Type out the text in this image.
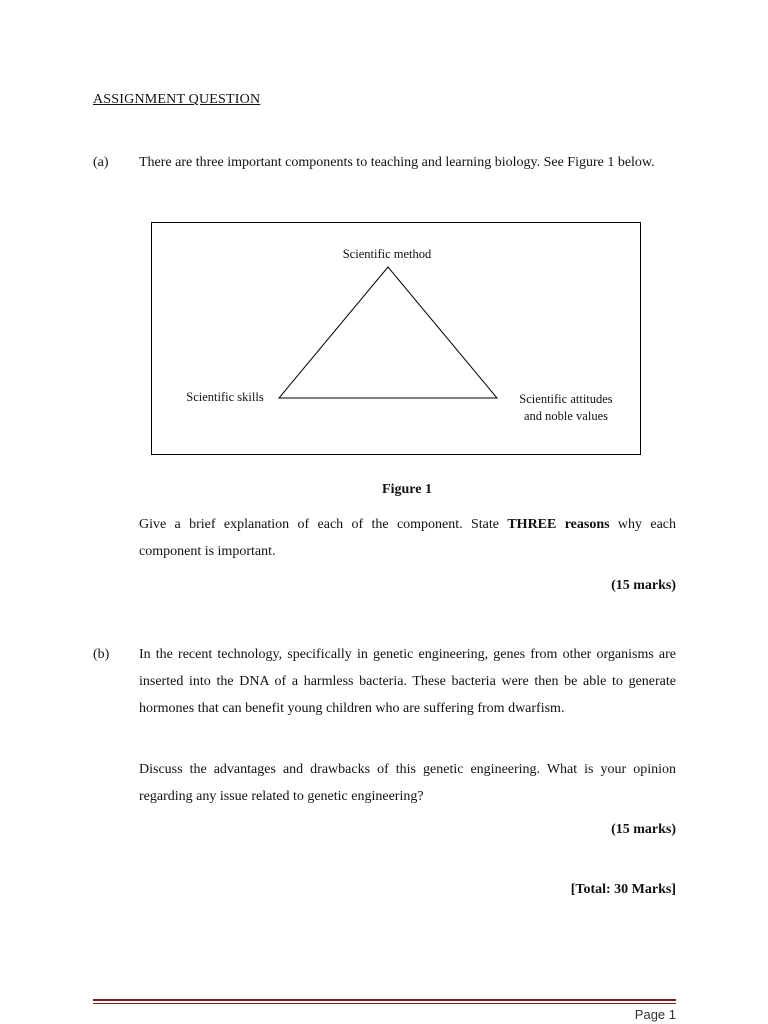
ASSIGNMENT QUESTION
(a) There are three important components to teaching and learning biology. See Figure 1 below.
Scientific method
Scientific skills	Scientific attitudes
and noble values
Figure 1
Give a brief explanation of each of the component. State THREE reasons why each component is important.
(15 marks)
(b) In the recent technology, specifically in genetic engineering, genes from other organisms are inserted into the DNA of a harmless bacteria. These bacteria were then be able to generate hormones that can benefit young children who are suffering from dwarfism.
Discuss the advantages and drawbacks of this genetic engineering. What is your opinion regarding any issue related to genetic engineering?
(15 marks)
[Total: 30 Marks]
Page 1
